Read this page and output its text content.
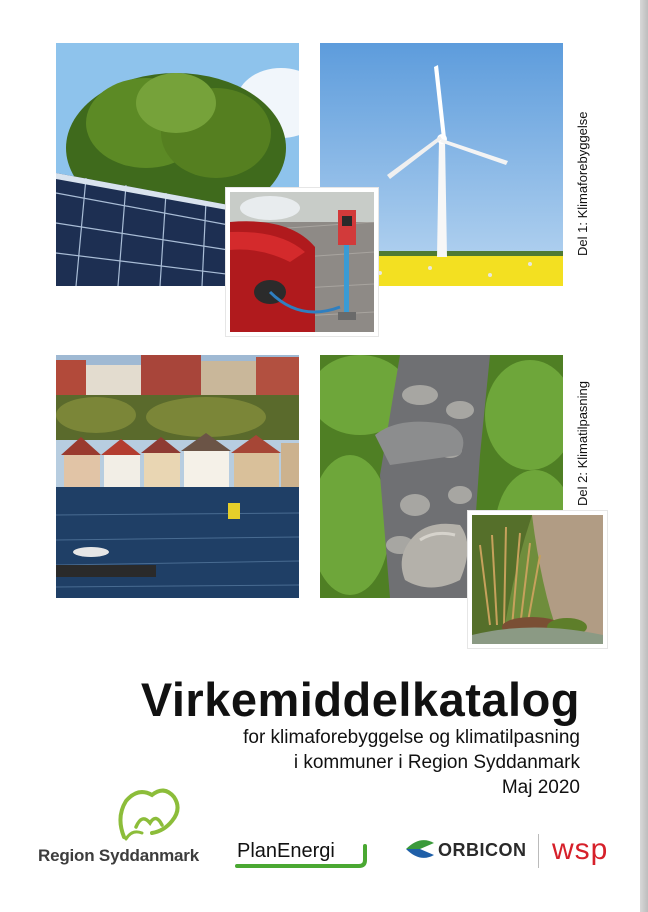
Del 1: Klimaforebyggelse
Del 2: Klimatilpasning
Virkemiddelkatalog
for klimaforebyggelse og klimatilpasning
i kommuner i Region Syddanmark
Maj 2020
Region Syddanmark PlanEnergi	ORBICON wsp
